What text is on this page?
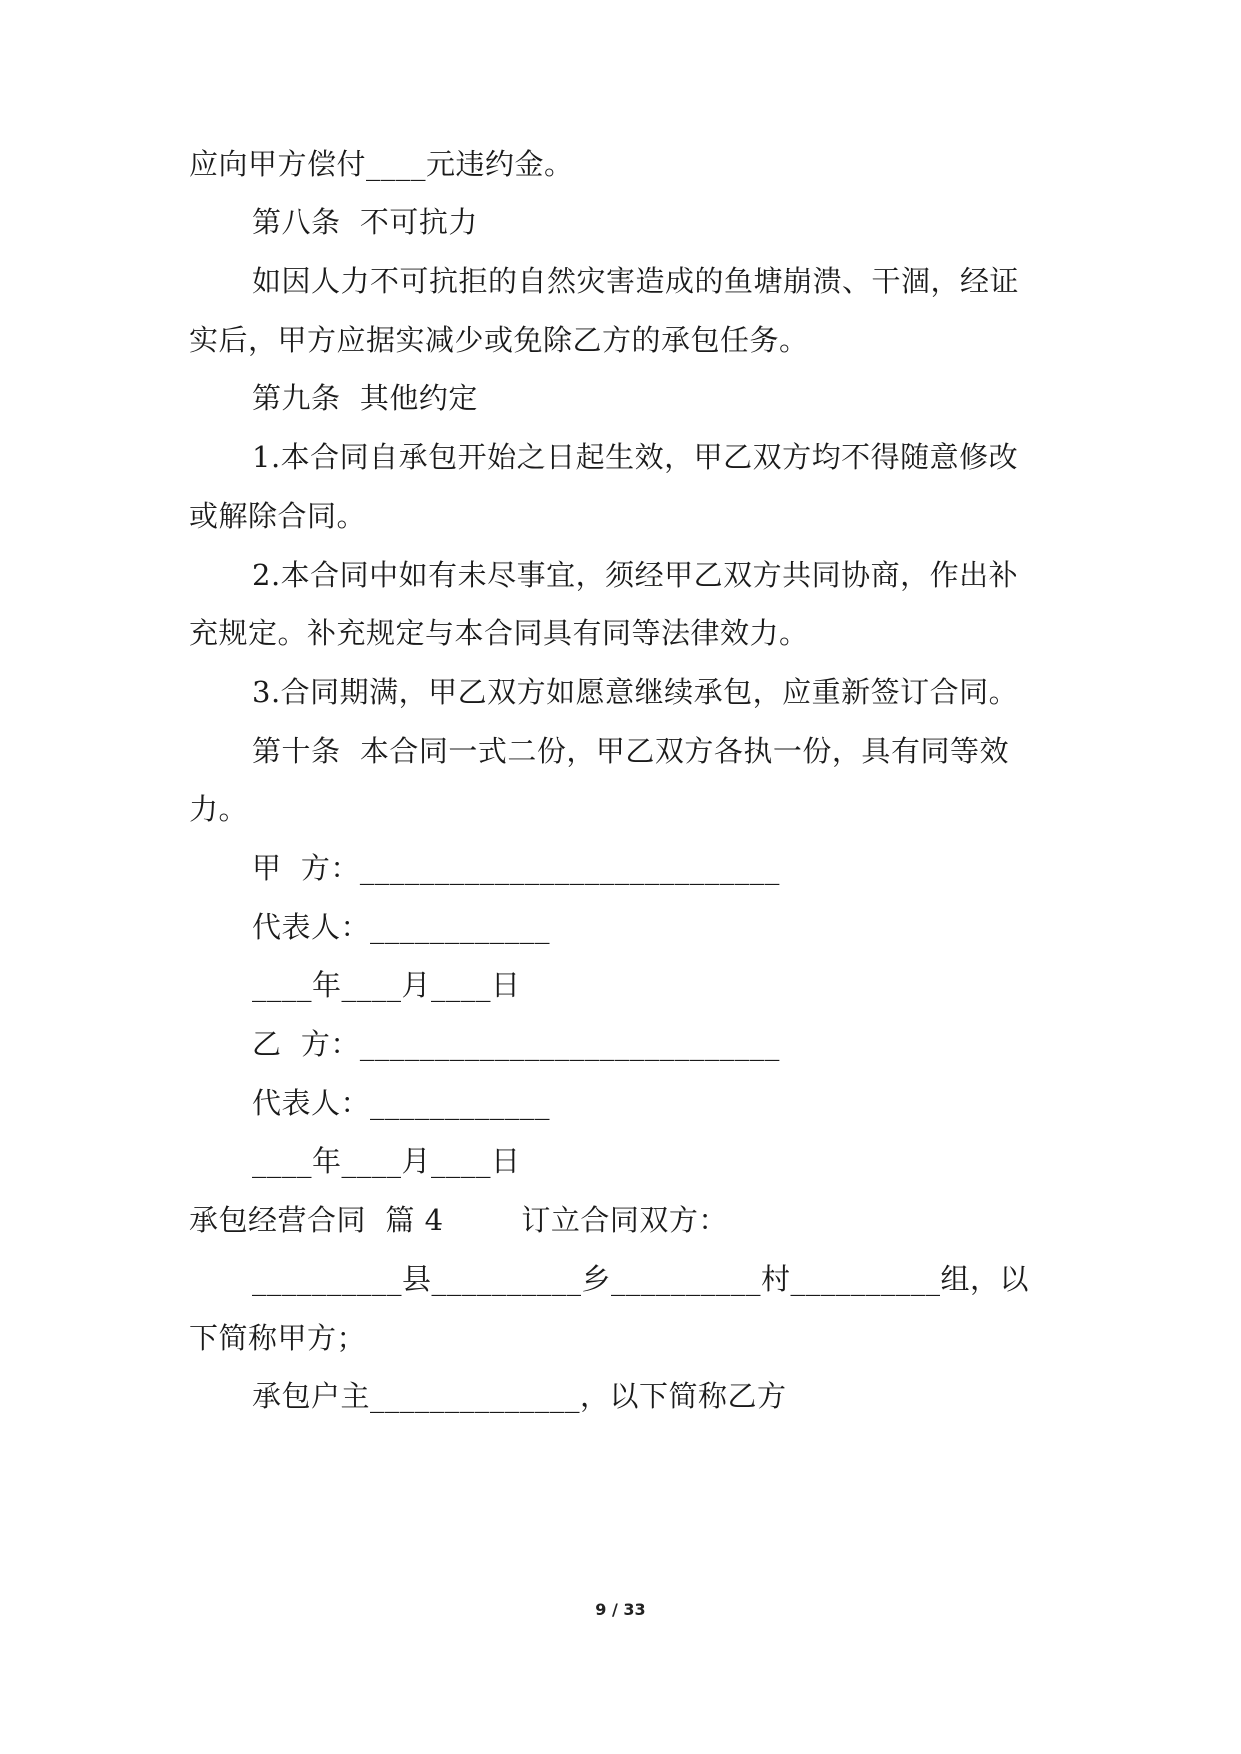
应向甲方偿付____元违约金。
第八条  不可抗力
如因人力不可抗拒的自然灾害造成的鱼塘崩溃、干涸，经证
实后，甲方应据实减少或免除乙方的承包任务。
第九条  其他约定
1.本合同自承包开始之日起生效，甲乙双方均不得随意修改
或解除合同。
2.本合同中如有未尽事宜，须经甲乙双方共同协商，作出补
充规定。补充规定与本合同具有同等法律效力。
3.合同期满，甲乙双方如愿意继续承包，应重新签订合同。
第十条  本合同一式二份，甲乙双方各执一份，具有同等效
力。
甲  方：____________________________
代表人：____________
____年____月____日
乙  方：____________________________
代表人：____________
____年____月____日
承包经营合同  篇 4        订立合同双方：
__________县__________乡__________村__________组，以
下简称甲方；
承包户主______________，以下简称乙方
9 / 33
